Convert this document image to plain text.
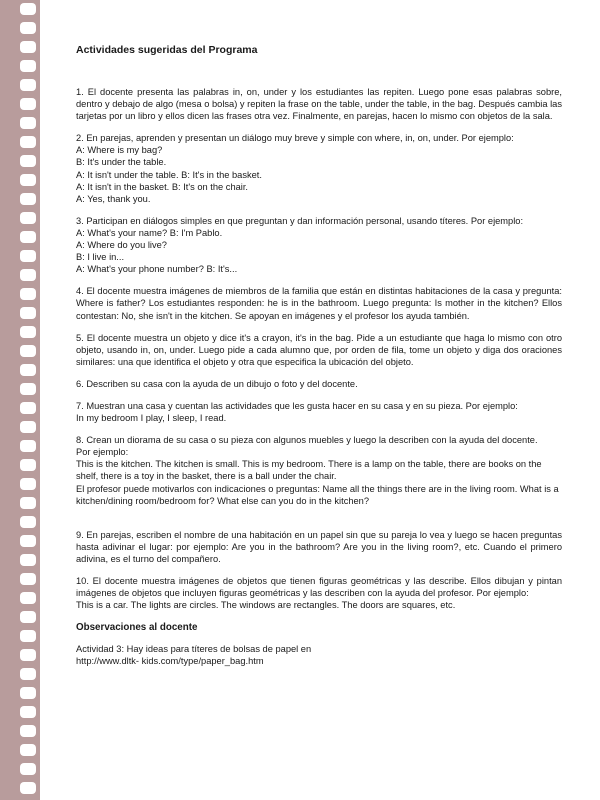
Actividades sugeridas del Programa

1. El docente presenta las palabras in, on, under y los estudiantes las repiten. Luego pone esas palabras sobre, dentro y debajo de algo (mesa o bolsa) y repiten la frase on the table, under the table, in the bag. Después cambia las tarjetas por un libro y ellos dicen las frases otra vez. Finalmente, en parejas, hacen lo mismo con objetos de la sala.

2. En parejas, aprenden y presentan un diálogo muy breve y simple con where, in, on, under. Por ejemplo:

A: Where is my bag?
B: It's under the table.
A: It isn't under the table. B: It's in the basket.
A: It isn't in the basket. B: It's on the chair.
A: Yes, thank you.

3. Participan en diálogos simples en que preguntan y dan información personal, usando títeres. Por ejemplo:

A: What's your name? B: I'm Pablo.
A: Where do you live?
B: I live in...
A: What's your phone number? B: It's...

4. El docente muestra imágenes de miembros de la familia que están en distintas habitaciones de la casa y pregunta: Where is father? Los estudiantes responden: he is in the bathroom. Luego pregunta: Is mother in the kitchen? Ellos contestan: No, she isn't in the kitchen. Se apoyan en imágenes y el profesor los ayuda también.

5. El docente muestra un objeto y dice it's a crayon, it's in the bag. Pide a un estudiante que haga lo mismo con otro objeto, usando in, on, under. Luego pide a cada alumno que, por orden de fila, tome un objeto y diga dos oraciones similares: una que identifica el objeto y otra que especifica la ubicación del objeto.

6. Describen su casa con la ayuda de un dibujo o foto y del docente.

7. Muestran una casa y cuentan las actividades que les gusta hacer en su casa y en su pieza. Por ejemplo:

In my bedroom I play, I sleep, I read.

8. Crean un diorama de su casa o su pieza con algunos muebles y luego la describen con la ayuda del docente.

Por ejemplo:
This is the kitchen. The kitchen is small. This is my bedroom. There is a lamp on the table, there are books on the shelf, there is a toy in the basket, there is a ball under the chair.
El profesor puede motivarlos con indicaciones o preguntas: Name all the things there are in the living room. What is a kitchen/dining room/bedroom for? What else can you do in the kitchen?

9. En parejas, escriben el nombre de una habitación en un papel sin que su pareja lo vea y luego se hacen preguntas hasta adivinar el lugar: por ejemplo: Are you in the bathroom? Are you in the living room?, etc. Cuando el primero adivina, es el turno del compañero.

10. El docente muestra imágenes de objetos que tienen figuras geométricas y las describe. Ellos dibujan y pintan imágenes de objetos que incluyen figuras geométricas y las describen con la ayuda del profesor. Por ejemplo:

This is a car. The lights are circles. The windows are rectangles. The doors are squares, etc.
Observaciones al docente

Actividad 3: Hay ideas para títeres de bolsas de papel en

http://www.dltk- kids.com/type/paper_bag.htm
